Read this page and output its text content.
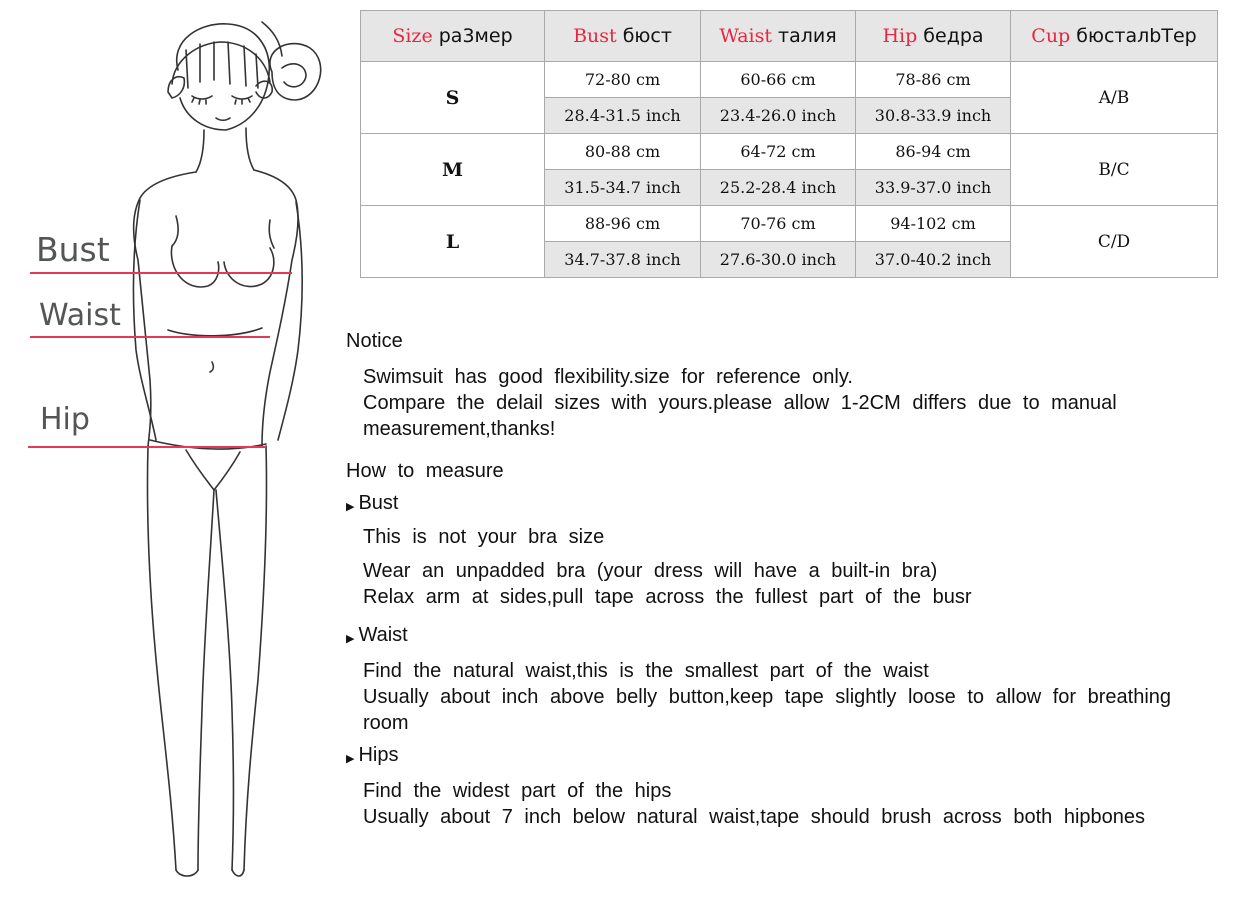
Bust
Waist
Hip
Size ра3мер	Bust бюст	Waist талия	Hip бедра	Cup бюсталbТер
S	72-80 cm	60-66 cm	78-86 cm	A/B
	28.4-31.5 inch	23.4-26.0 inch	30.8-33.9 inch	
M	80-88 cm	64-72 cm	86-94 cm	B/C
	31.5-34.7 inch	25.2-28.4 inch	33.9-37.0 inch	
L	88-96 cm	70-76 cm	94-102 cm	C/D
	34.7-37.8 inch	27.6-30.0 inch	37.0-40.2 inch	

Notice

Swimsuit has good flexibility.size for reference only.

Compare the delail sizes with yours.please allow 1-2CM differs due to manual measurement,thanks!

How to measure

▶ Bust

This is not your bra size

Wear an unpadded bra (your dress will have a built-in bra)

Relax arm at sides,pull tape across the fullest part of the busr

▶ Waist

Find the natural waist,this is the smallest part of the waist

Usually about inch above belly button,keep tape slightly loose to allow for breathing room

▶ Hips

Find the widest part of the hips

Usually about 7 inch below natural waist,tape should brush across both hipbones
